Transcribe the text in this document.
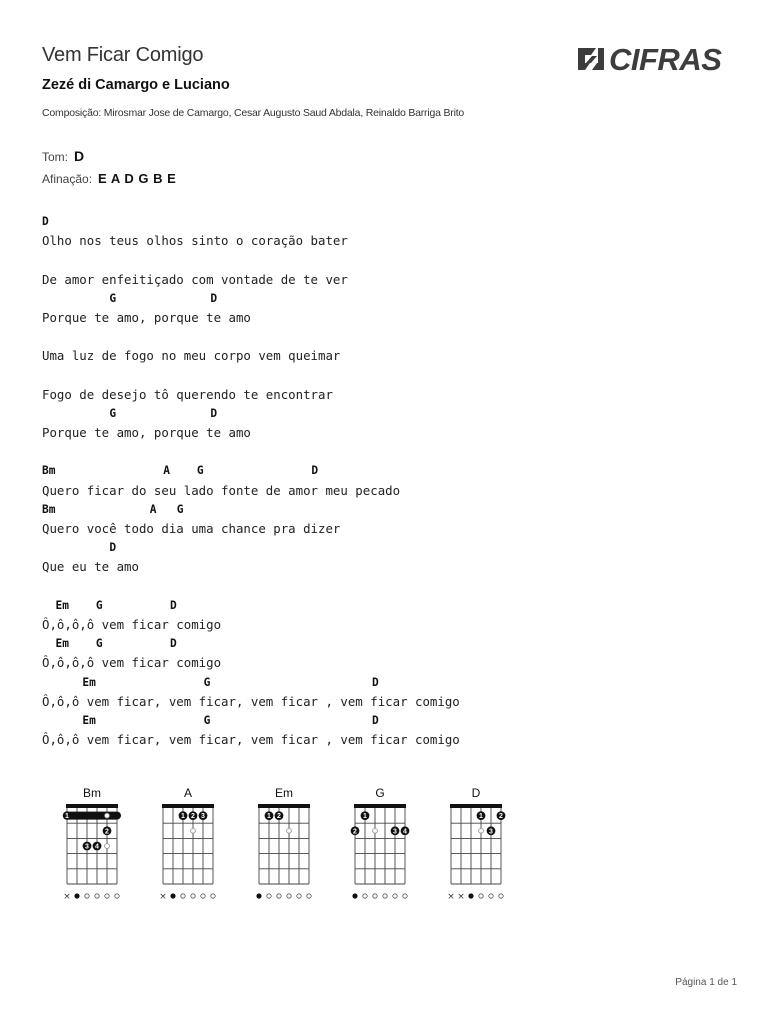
Vem Ficar Comigo
Zezé di Camargo e Luciano
Composição: Mirosmar Jose de Camargo, Cesar Augusto Saud Abdala, Reinaldo Barriga Brito
Tom: D
Afinação: E A D G B E
CIFRAS
D
Olho nos teus olhos sinto o coração bater
De amor enfeitiçado com vontade de te ver
G              D
Porque te amo, porque te amo
Uma luz de fogo no meu corpo vem queimar
Fogo de desejo tô querendo te encontrar
G              D
Porque te amo, porque te amo
Bm                A    G                D
Quero ficar do seu lado fonte de amor meu pecado
Bm              A   G
Quero você todo dia uma chance pra dizer
D
Que eu te amo
Em    G          D
Ô,ô,ô,ô vem ficar comigo
Em    G          D
Ô,ô,ô,ô vem ficar comigo
Em                G                        D
Ô,ô,ô vem ficar, vem ficar, vem ficar , vem ficar comigo
Em                G                        D
Ô,ô,ô vem ficar, vem ficar, vem ficar , vem ficar comigo
Bm
1
2
3 4
×
A
1 2 3
×
Em
1 2
G
1
2	3 4
D
1 2
3
× ×
Página 1 de 1
